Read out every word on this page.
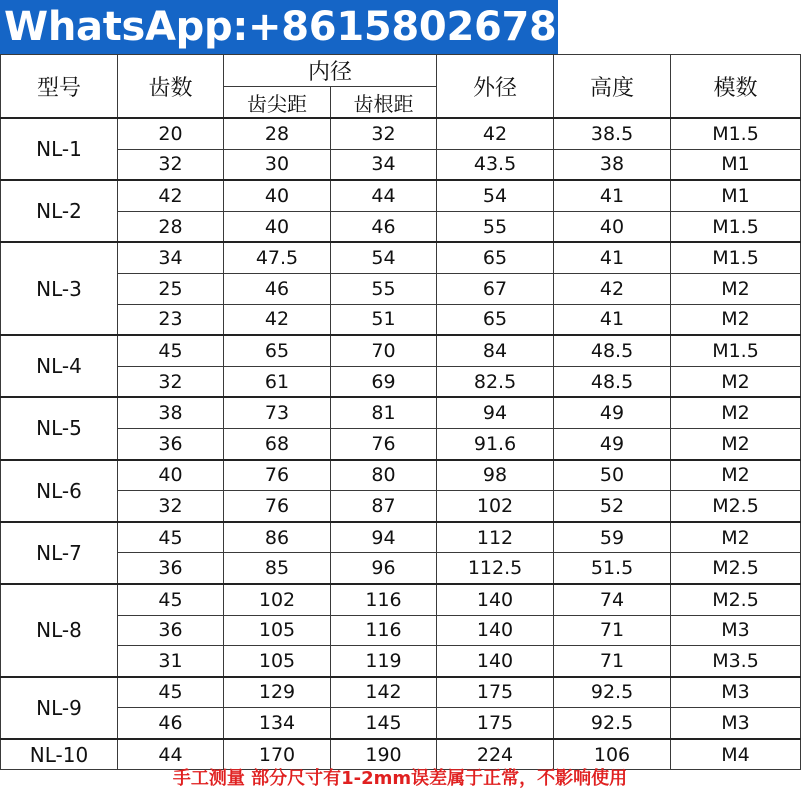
WhatsApp:+8615802678096
型号	齿数	内径		外径	高度	模数
		齿尖距	齿根距			
NL-1	20	28	32	42	38.5	M1.5
	32	30	34	43.5	38	M1
NL-2	42	40	44	54	41	M1
	28	40	46	55	40	M1.5
NL-3	34	47.5	54	65	41	M1.5
	25	46	55	67	42	M2
	23	42	51	65	41	M2
NL-4	45	65	70	84	48.5	M1.5
	32	61	69	82.5	48.5	M2
NL-5	38	73	81	94	49	M2
	36	68	76	91.6	49	M2
NL-6	40	76	80	98	50	M2
	32	76	87	102	52	M2.5
NL-7	45	86	94	112	59	M2
	36	85	96	112.5	51.5	M2.5
NL-8	45	102	116	140	74	M2.5
	36	105	116	140	71	M3
	31	105	119	140	71	M3.5
NL-9	45	129	142	175	92.5	M3
	46	134	145	175	92.5	M3
NL-10	44	170	190	224	106	M4
手工测量 部分尺寸有1-2mm误差属于正常，不影响使用
